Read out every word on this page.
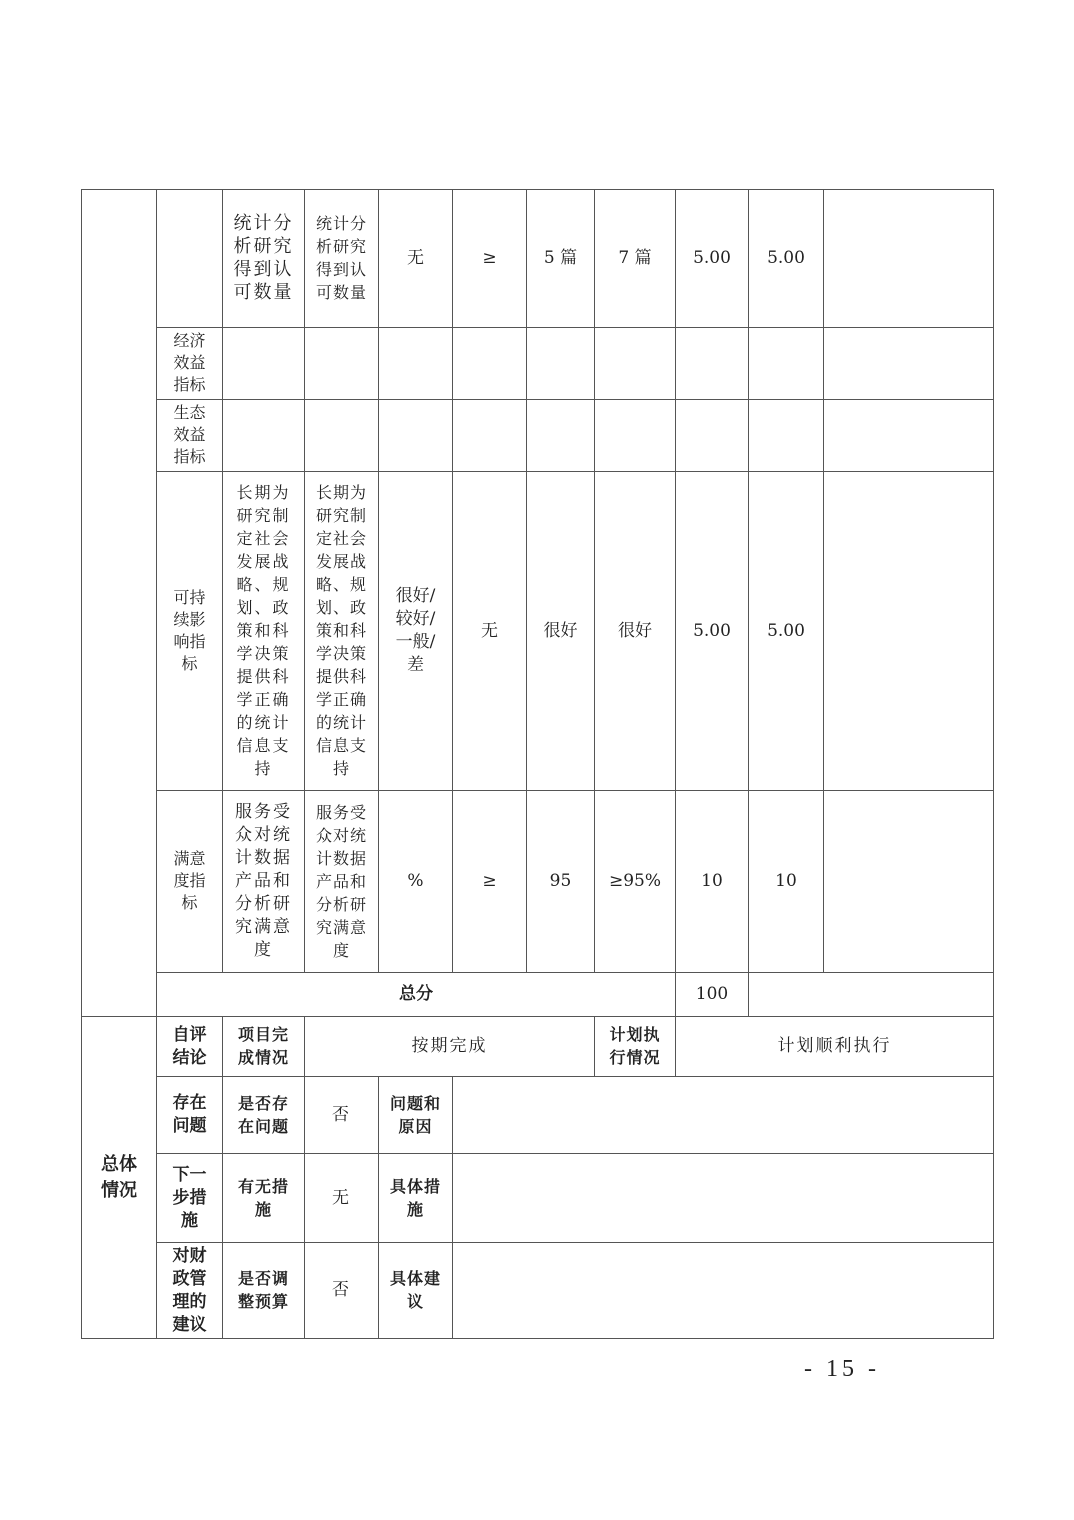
		统计分析研究得到认可数量	统计分析研究得到认可数量	无	≥	5 篇	7 篇	5.00	5.00	
	经济效益指标									
	生态效益指标									
	可持续影响指标	长期为研究制定社会发展战略、规划、政策和科学决策提供科学正确的统计信息支持	长期为研究制定社会发展战略、规划、政策和科学决策提供科学正确的统计信息支持	很好/较好/一般/差	无	很好	很好	5.00	5.00	
	满意度指标	服务受众对统计数据产品和分析研究满意度	服务受众对统计数据产品和分析研究满意度	%	≥	95	≥95%	10	10	
	总分							100		
总体情况	自评结论	项目完成情况	按期完成				计划执行情况	计划顺利执行		
	存在问题	是否存在问题	否	问题和原因						
	下一步措施	有无措施	无	具体措施						
	对财政管理的建议	是否调整预算	否	具体建议						
- 15 -
